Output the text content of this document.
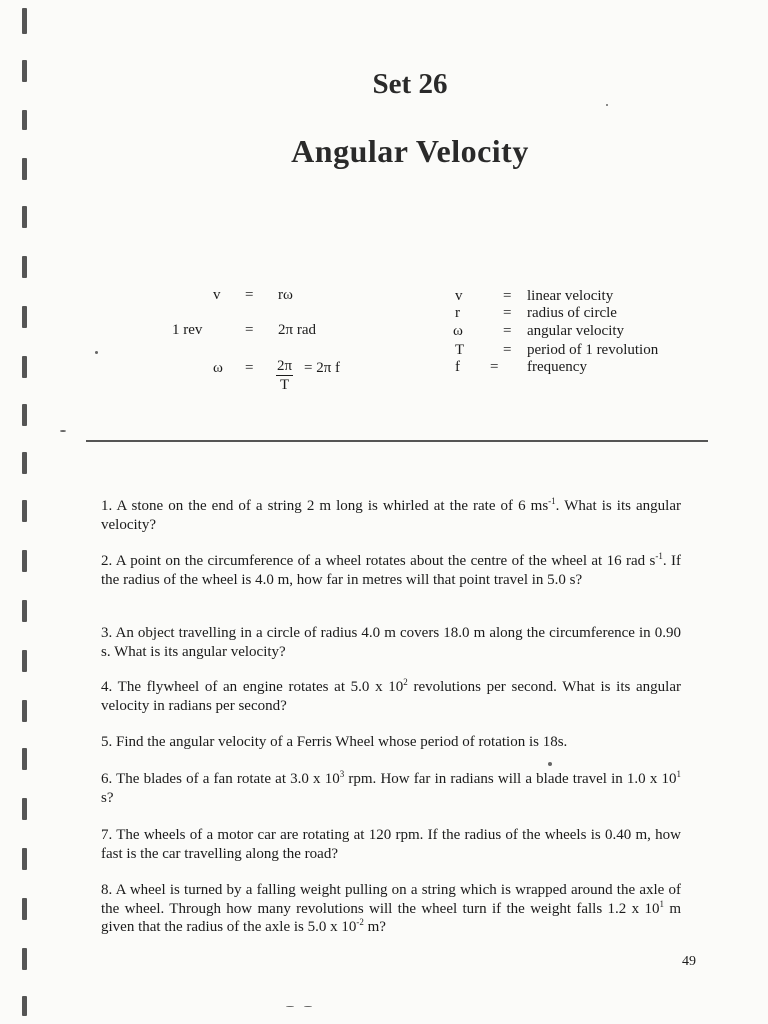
Set 26
Angular Velocity
v = rω
1 rev	= 2π rad
$\omega = \frac{2\pi}{T} = 2\pi$ f
v	= linear velocity
r	= radius of circle
ω	= angular velocity
T	= period of 1 revolution
f = frequency
1. A stone on the end of a string 2 m long is whirled at the rate of 6 $ms^{-1}$. What is its angular velocity?
2. A point on the circumference of a wheel rotates about the centre of the wheel at 16 rad $s^{-1}$. If the radius of the wheel is 4.0 m, how far in metres will that point travel in 5.0 s?
3. An object travelling in a circle of radius 4.0 m covers 18.0 m along the circumference in 0.90 s. What is its angular velocity?
4. The flywheel of an engine rotates at 5.0 x $10^2$ revolutions per second. What is its angular velocity in radians per second?
5. Find the angular velocity of a Ferris Wheel whose period of rotation is 18s.
6. The blades of a fan rotate at 3.0 x $10^3$ rpm. How far in radians will a blade travel in 1.0 x $10^1$ s?
7. The wheels of a motor car are rotating at 120 rpm. If the radius of the wheels is 0.40 m, how fast is the car travelling along the road?
8. A wheel is turned by a falling weight pulling on a string which is wrapped around the axle of the wheel. Through how many revolutions will the wheel turn if the weight falls 1.2 x $10^1$ m given that the radius of the axle is 5.0 x $10^{-2}$ m?
49
